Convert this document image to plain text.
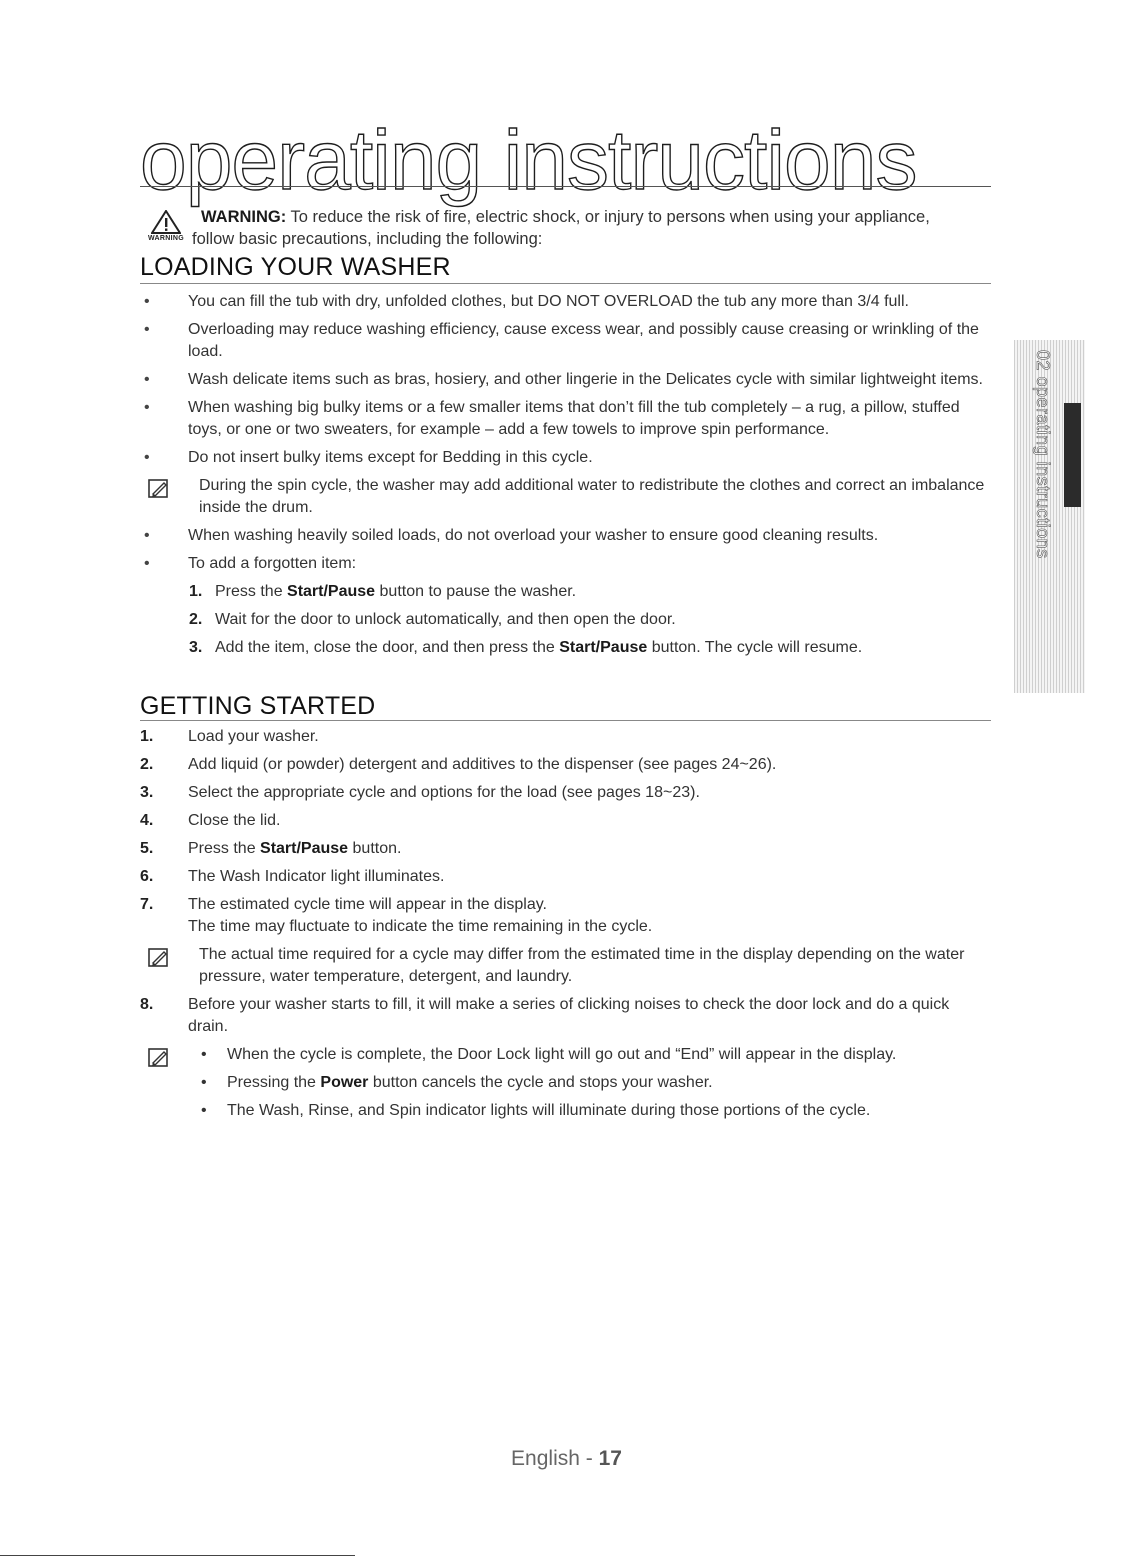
operating instructions
WARNING
WARNING: To reduce the risk of fire, electric shock, or injury to persons when using your appliance,
follow basic precautions, including the following:
LOADING YOUR WASHER
• You can fill the tub with dry, unfolded clothes, but DO NOT OVERLOAD the tub any more than 3/4 full.
• Overloading may reduce washing efficiency, cause excess wear, and possibly cause creasing or wrinkling of the load.
• Wash delicate items such as bras, hosiery, and other lingerie in the Delicates cycle with similar lightweight items.
• When washing big bulky items or a few smaller items that don’t fill the tub completely – a rug, a pillow, stuffed toys, or one or two sweaters, for example – add a few towels to improve spin performance.
• Do not insert bulky items except for Bedding in this cycle.
During the spin cycle, the washer may add additional water to redistribute the clothes and correct an imbalance inside the drum.
• When washing heavily soiled loads, do not overload your washer to ensure good cleaning results.
• To add a forgotten item:
1. Press the Start/Pause button to pause the washer.
2. Wait for the door to unlock automatically, and then open the door.
3. Add the item, close the door, and then press the Start/Pause button. The cycle will resume.
GETTING STARTED
1. Load your washer.
2. Add liquid (or powder) detergent and additives to the dispenser (see pages 24~26).
3. Select the appropriate cycle and options for the load (see pages 18~23).
4. Close the lid.
5. Press the Start/Pause button.
6. The Wash Indicator light illuminates.
7. The estimated cycle time will appear in the display.
The time may fluctuate to indicate the time remaining in the cycle.
The actual time required for a cycle may differ from the estimated time in the display depending on the water pressure, water temperature, detergent, and laundry.
8. Before your washer starts to fill, it will make a series of clicking noises to check the door lock and do a quick drain.
• When the cycle is complete, the Door Lock light will go out and “End” will appear in the display.
• Pressing the Power button cancels the cycle and stops your washer.
• The Wash, Rinse, and Spin indicator lights will illuminate during those portions of the cycle.
02 operating instructions
English - 17
